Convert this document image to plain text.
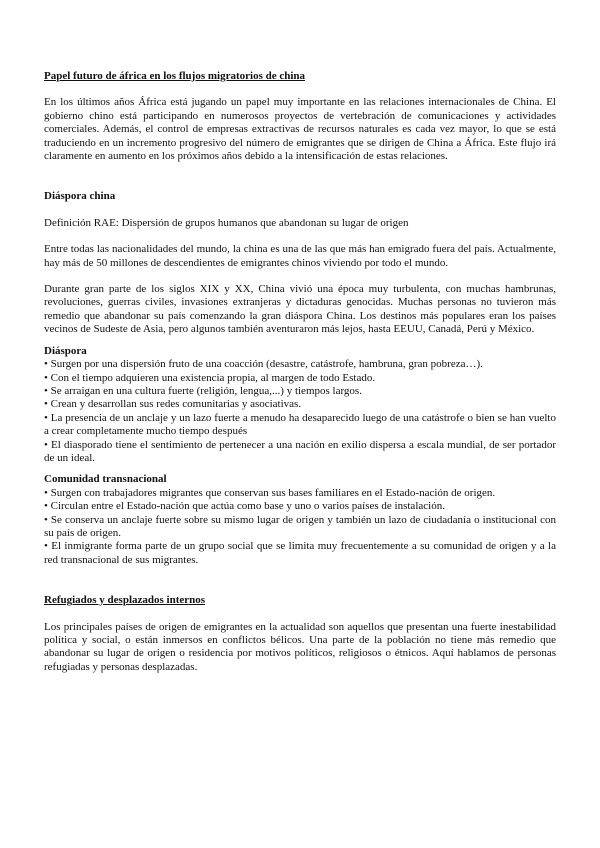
Papel futuro de áfrica en los flujos migratorios de china

En los últimos años África está jugando un papel muy importante en las relaciones internacionales de China. El gobierno chino está participando en numerosos proyectos de vertebración de comunicaciones y actividades comerciales. Además, el control de empresas extractivas de recursos naturales es cada vez mayor, lo que se está traduciendo en un incremento progresivo del número de emigrantes que se dirigen de China a África. Este flujo irá claramente en aumento en los próximos años debido a la intensificación de estas relaciones.

Diáspora china

Definición RAE: Dispersión de grupos humanos que abandonan su lugar de origen

Entre todas las nacionalidades del mundo, la china es una de las que más han emigrado fuera del país. Actualmente, hay más de 50 millones de descendientes de emigrantes chinos viviendo por todo el mundo.

Durante gran parte de los siglos XIX y XX, China vivió una época muy turbulenta, con muchas hambrunas, revoluciones, guerras civiles, invasiones extranjeras y dictaduras genocidas. Muchas personas no tuvieron más remedio que abandonar su país comenzando la gran diáspora China. Los destinos más populares eran los países vecinos de Sudeste de Asia, pero algunos también aventuraron más lejos, hasta EEUU, Canadá, Perú y México.

Diáspora

• Surgen por una dispersión fruto de una coacción (desastre, catástrofe, hambruna, gran pobreza…).

• Con el tiempo adquieren una existencia propia, al margen de todo Estado.

• Se arraigan en una cultura fuerte (religión, lengua,...) y tiempos largos.

• Crean y desarrollan sus redes comunitarias y asociativas.

• La presencia de un anclaje y un lazo fuerte a menudo ha desaparecido luego de una catástrofe o bien se han vuelto a crear completamente mucho tiempo después

• El diasporado tiene el sentimiento de pertenecer a una nación en exilio dispersa a escala mundial, de ser portador de un ideal.

Comunidad transnacional

• Surgen con trabajadores migrantes que conservan sus bases familiares en el Estado-nación de origen.

• Circulan entre el Estado-nación que actúa como base y uno o varios países de instalación.

• Se conserva un anclaje fuerte sobre su mismo lugar de origen y también un lazo de ciudadanía o institucional con su país de origen.

• El inmigrante forma parte de un grupo social que se limita muy frecuentemente a su comunidad de origen y a la red transnacional de sus migrantes.

Refugiados y desplazados internos

Los principales países de origen de emigrantes en la actualidad son aquellos que presentan una fuerte inestabilidad política y social, o están inmersos en conflictos bélicos. Una parte de la población no tiene más remedio que abandonar su lugar de origen o residencia por motivos políticos, religiosos o étnicos. Aquí hablamos de personas refugiadas y personas desplazadas.
